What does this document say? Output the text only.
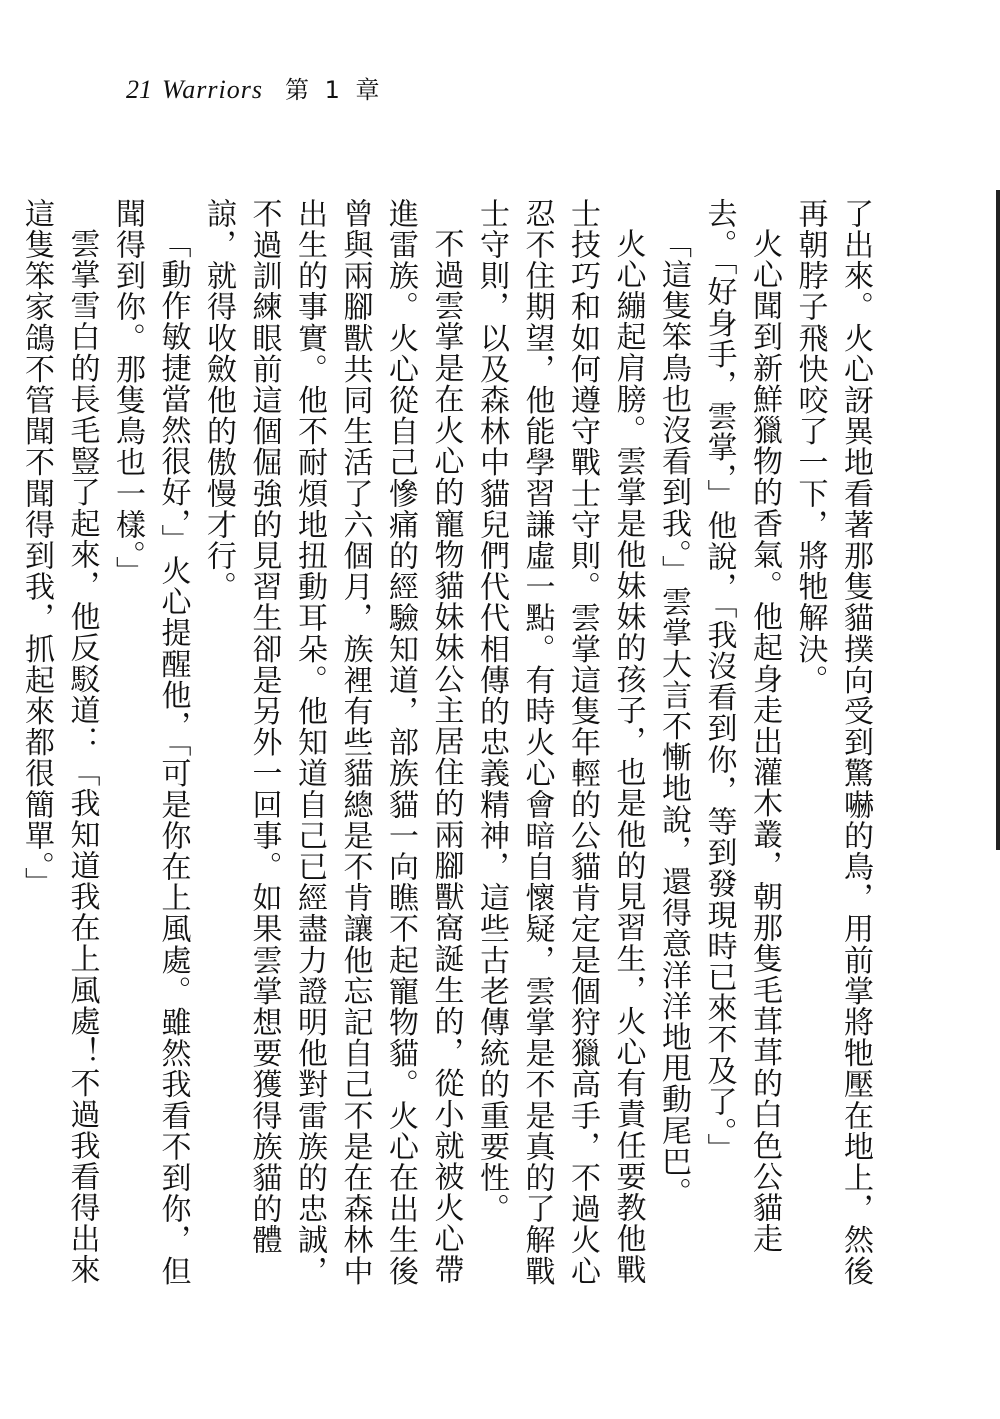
21 Warriors 第 1 章

了出來。火心訝異地看著那隻貓撲向受到驚嚇的鳥，用前掌將牠壓在地上，然後再朝脖子飛快咬了一下，將牠解決。

火心聞到新鮮獵物的香氣。他起身走出灌木叢，朝那隻毛茸茸的白色公貓走去。「好身手，雲掌，」他說，「我沒看到你，等到發現時已來不及了。」

「這隻笨鳥也沒看到我。」雲掌大言不慚地說，還得意洋洋地甩動尾巴。

火心繃起肩膀。雲掌是他妹妹的孩子，也是他的見習生，火心有責任要教他戰士技巧和如何遵守戰士守則。雲掌這隻年輕的公貓肯定是個狩獵高手，不過火心忍不住期望，他能學習謙虛一點。有時火心會暗自懷疑，雲掌是不是真的了解戰士守則，以及森林中貓兒們代代相傳的忠義精神，這些古老傳統的重要性。

不過雲掌是在火心的寵物貓妹妹公主居住的兩腳獸窩誕生的，從小就被火心帶進雷族。火心從自己慘痛的經驗知道，部族貓一向瞧不起寵物貓。火心在出生後曾與兩腳獸共同生活了六個月，族裡有些貓總是不肯讓他忘記自己不是在森林中出生的事實。他不耐煩地扭動耳朵。他知道自己已經盡力證明他對雷族的忠誠，不過訓練眼前這個倔強的見習生卻是另外一回事。如果雲掌想要獲得族貓的體諒，就得收斂他的傲慢才行。

「動作敏捷當然很好，」火心提醒他，「可是你在上風處。雖然我看不到你，但聞得到你。那隻鳥也一樣。」

雲掌雪白的長毛豎了起來，他反駁道：「我知道我在上風處！不過我看得出來這隻笨家鴿不管聞不聞得到我，抓起來都很簡單。」
